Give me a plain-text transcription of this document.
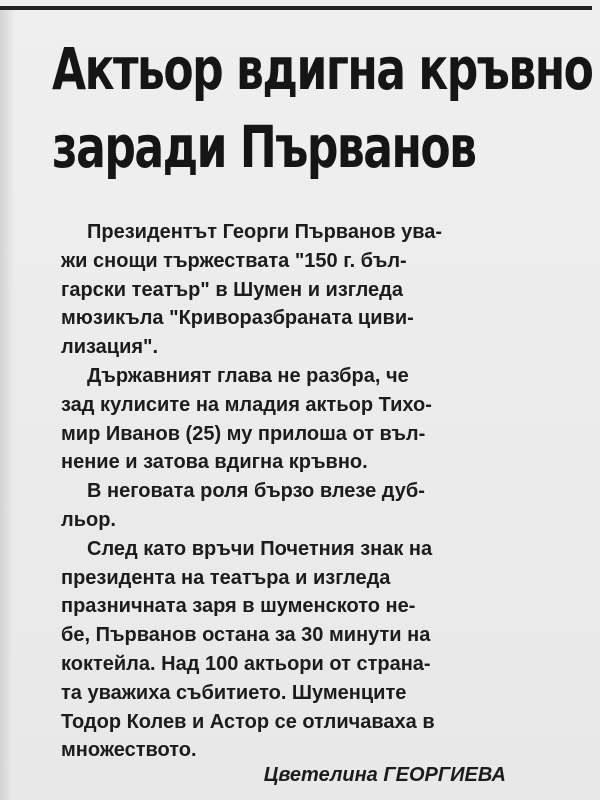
Актьор вдигна кръвно
заради Първанов

Президентът Георги Първанов ува-
жи снощи тържествата "150 г. бъл-
гарски театър" в Шумен и изгледа
мюзикъла "Криворазбраната циви-
лизация".

Държавният глава не разбра, че
зад кулисите на младия актьор Тихо-
мир Иванов (25) му прилоша от въл-
нение и затова вдигна кръвно.

В неговата роля бързо влезе дуб-
льор.

След като връчи Почетния знак на
президента на театъра и изгледа
празничната заря в шуменското не-
бе, Първанов остана за 30 минути на
коктейла. Над 100 актьори от страна-
та уважиха събитието. Шуменците
Тодор Колев и Астор се отличаваха в
множеството.

Цветелина ГЕОРГИЕВА
